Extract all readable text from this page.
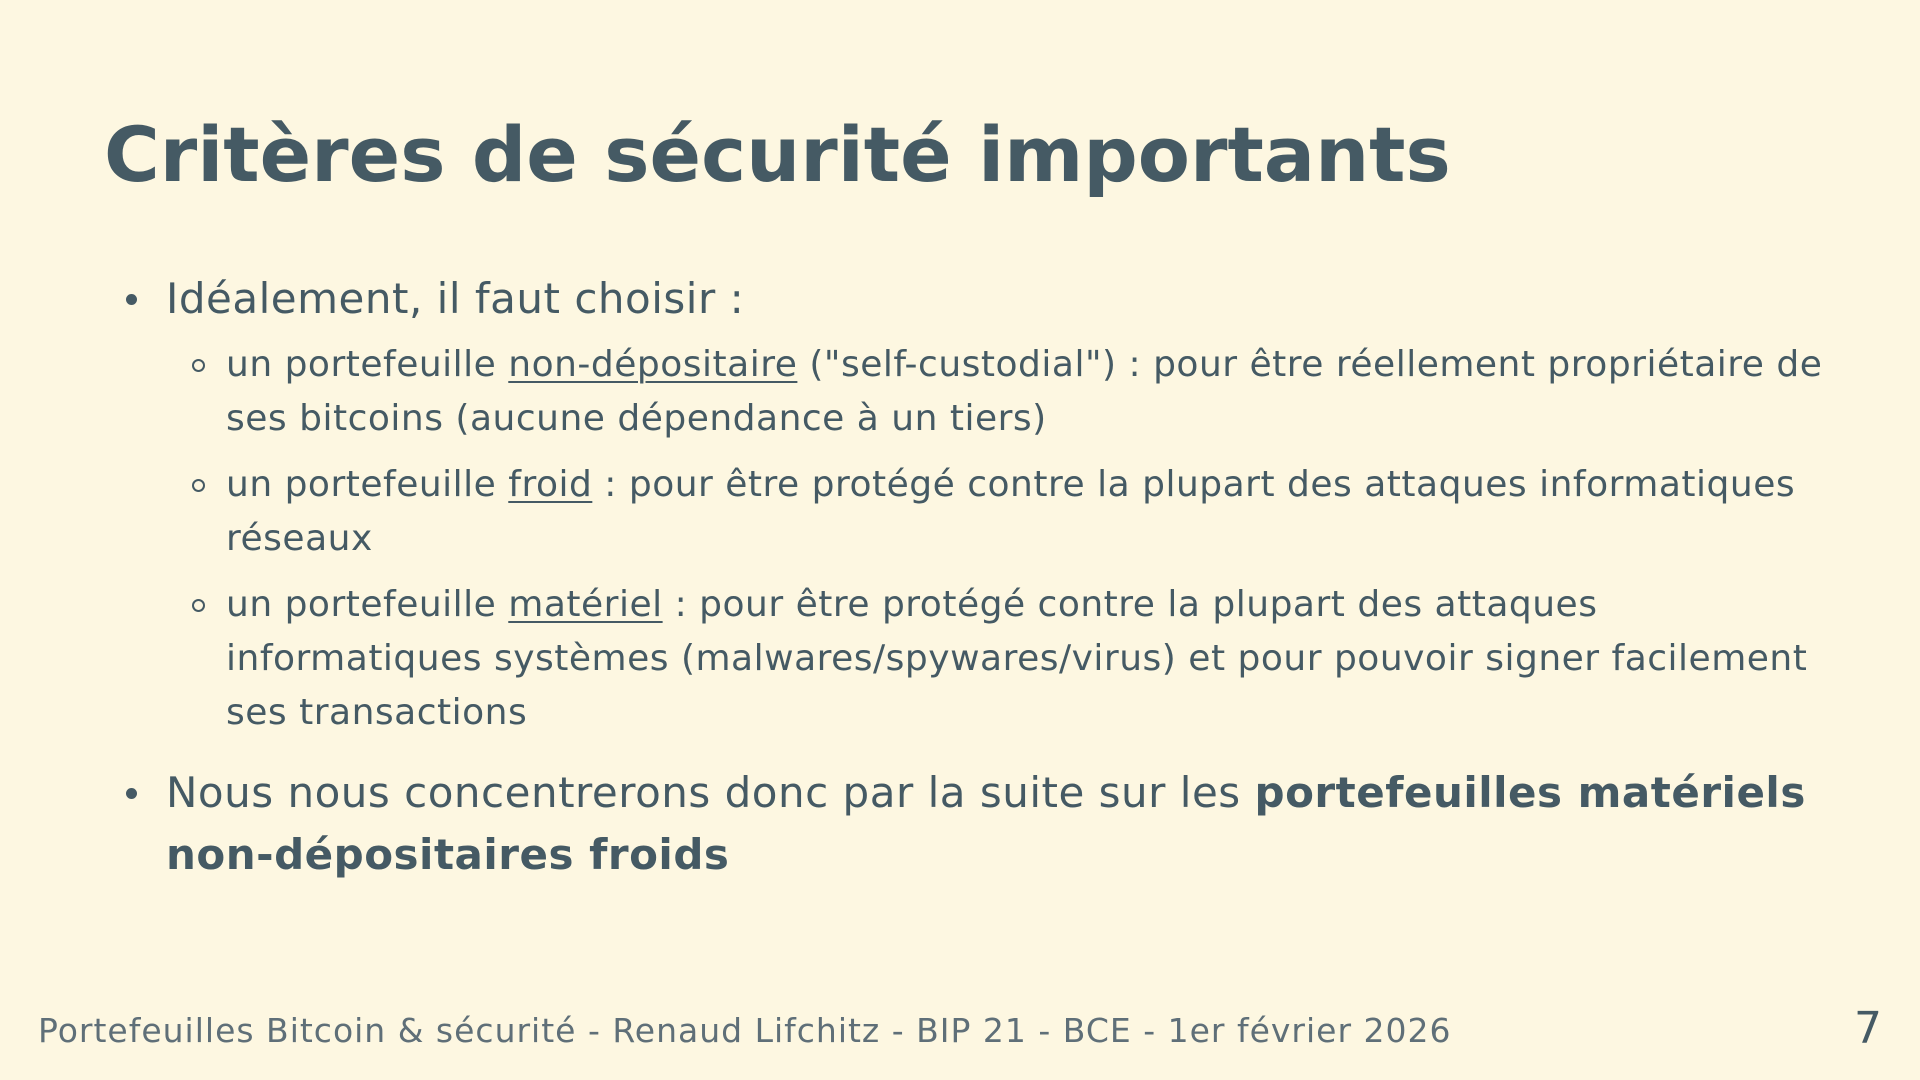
Critères de sécurité importants
Idéalement, il faut choisir :
un portefeuille non-dépositaire ("self-custodial") : pour être réellement propriétaire de ses bitcoins (aucune dépendance à un tiers)
un portefeuille froid : pour être protégé contre la plupart des attaques informatiques réseaux
un portefeuille matériel : pour être protégé contre la plupart des attaques informatiques systèmes (malwares/spywares/virus) et pour pouvoir signer facilement ses transactions
Nous nous concentrerons donc par la suite sur les portefeuilles matériels non-dépositaires froids
Portefeuilles Bitcoin & sécurité - Renaud Lifchitz - BIP 21 - BCE - 1er février 2026	7
